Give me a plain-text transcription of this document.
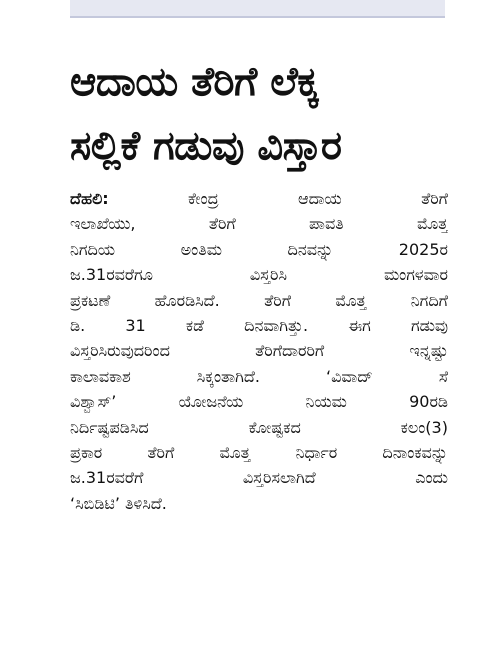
ಆದಾಯ ತೆರಿಗೆ ಲೆಕ್ಕ
ಸಲ್ಲಿಕೆ ಗಡುವು ವಿಸ್ತಾರ
ದೆಹಲಿ:	ಕೇಂದ್ರ	ಆದಾಯ	ತೆರಿಗೆ
ಇಲಾಖೆಯು,	ತೆರಿಗೆ	ಪಾವತಿ	ಮೊತ್ತ
ನಿಗದಿಯ	ಅಂತಿಮ	ದಿನವನ್ನು	2025ರ
ಜ.31ರವರೆಗೂ	ವಿಸ್ತರಿಸಿ	ಮಂಗಳವಾರ
ಪ್ರಕಟಣೆ	ಹೊರಡಿಸಿದೆ.	ತೆರಿಗೆ	ಮೊತ್ತ	ನಿಗದಿಗೆ
ಡಿ.	31	ಕಡೆ	ದಿನವಾಗಿತ್ತು.	ಈಗ	ಗಡುವು
ವಿಸ್ತರಿಸಿರುವುದರಿಂದ	ತೆರಿಗೆದಾರರಿಗೆ	ಇನ್ನಷ್ಟು
ಕಾಲಾವಕಾಶ	ಸಿಕ್ಕಂತಾಗಿದೆ.	‘ವಿವಾದ್	ಸೆ
ವಿಶ್ವಾಸ್’	ಯೋಜನೆಯ	ನಿಯಮ	90ರಡಿ
ನಿರ್ದಿಷ್ಟಪಡಿಸಿದ	ಕೋಷ್ಟಕದ	ಕಲಂ(3)
ಪ್ರಕಾರ	ತೆರಿಗೆ	ಮೊತ್ತ	ನಿರ್ಧಾರ	ದಿನಾಂಕವನ್ನು
ಜ.31ರವರೆಗೆ	ವಿಸ್ತರಿಸಲಾಗಿದೆ	ಎಂದು
‘ಸಿಬಿಡಿಟಿ’
ತಿಳಿಸಿದೆ.
